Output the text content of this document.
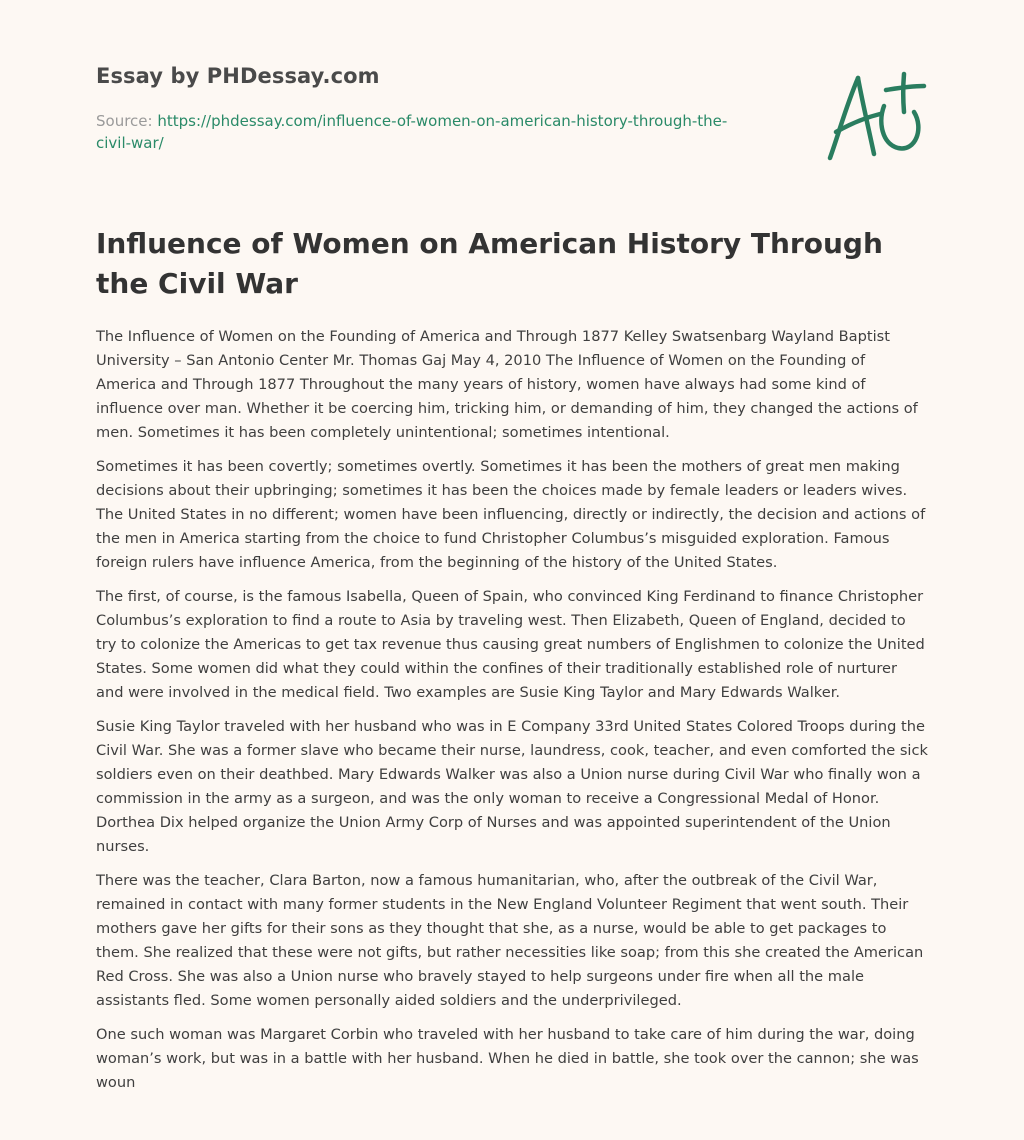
Essay by PHDessay.com
Source: https://phdessay.com/influence-of-women-on-american-history-through-the-civil-war/
Influence of Women on American History Through the Civil War

The Influence of Women on the Founding of America and Through 1877 Kelley Swatsenbarg Wayland Baptist University – San Antonio Center Mr. Thomas Gaj May 4, 2010 The Influence of Women on the Founding of America and Through 1877 Throughout the many years of history, women have always had some kind of influence over man. Whether it be coercing him, tricking him, or demanding of him, they changed the actions of men. Sometimes it has been completely unintentional; sometimes intentional.

Sometimes it has been covertly; sometimes overtly. Sometimes it has been the mothers of great men making decisions about their upbringing; sometimes it has been the choices made by female leaders or leaders wives. The United States in no different; women have been influencing, directly or indirectly, the decision and actions of the men in America starting from the choice to fund Christopher Columbus’s misguided exploration. Famous foreign rulers have influence America, from the beginning of the history of the United States.

The first, of course, is the famous Isabella, Queen of Spain, who convinced King Ferdinand to finance Christopher Columbus’s exploration to find a route to Asia by traveling west. Then Elizabeth, Queen of England, decided to try to colonize the Americas to get tax revenue thus causing great numbers of Englishmen to colonize the United States. Some women did what they could within the confines of their traditionally established role of nurturer and were involved in the medical field. Two examples are Susie King Taylor and Mary Edwards Walker.

Susie King Taylor traveled with her husband who was in E Company 33rd United States Colored Troops during the Civil War. She was a former slave who became their nurse, laundress, cook, teacher, and even comforted the sick soldiers even on their deathbed. Mary Edwards Walker was also a Union nurse during Civil War who finally won a commission in the army as a surgeon, and was the only woman to receive a Congressional Medal of Honor. Dorthea Dix helped organize the Union Army Corp of Nurses and was appointed superintendent of the Union nurses.

There was the teacher, Clara Barton, now a famous humanitarian, who, after the outbreak of the Civil War, remained in contact with many former students in the New England Volunteer Regiment that went south. Their mothers gave her gifts for their sons as they thought that she, as a nurse, would be able to get packages to them. She realized that these were not gifts, but rather necessities like soap; from this she created the American Red Cross. She was also a Union nurse who bravely stayed to help surgeons under fire when all the male assistants fled. Some women personally aided soldiers and the underprivileged.

One such woman was Margaret Corbin who traveled with her husband to take care of him during the war, doing woman’s work, but was in a battle with her husband. When he died in battle, she took over the cannon; she was woun
